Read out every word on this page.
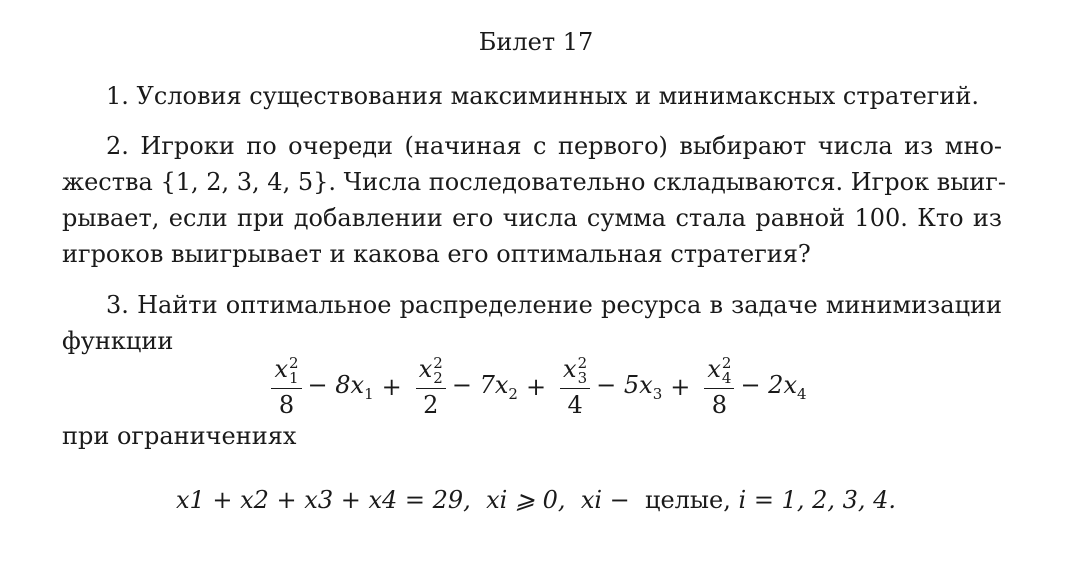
Билет 17
1. Условия существования максиминных и минимаксных стратегий.
2. Игроки по очереди (начиная с первого) выбирают числа из мно-
жества {1, 2, 3, 4, 5}. Числа последовательно складываются. Игрок выиг-
рывает, если при добавлении его числа сумма стала равной 100. Кто из
игроков выигрывает и какова его оптимальная стратегия?
3. Найти оптимальное распределение ресурса в задаче минимизации
функции
x 2
1
$8 - 8x_1 + x$ 2
2
$2 - 7x_2 + x$ 2
3
$4 - 5x_3 + x$ 2
4
$8 - 2x_4$
при ограничениях
x1 + x2 + x3 + x4 = 29, xi ⩾ 0, xi − целые, i = 1, 2, 3, 4.
